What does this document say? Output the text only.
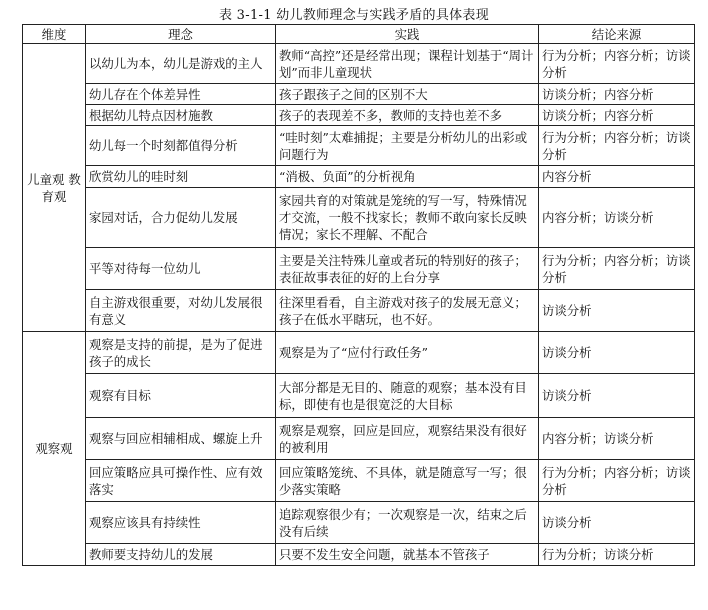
表 3-1-1 幼儿教师理念与实践矛盾的具体表现
维度	理念	实践	结论来源
儿童观 教育观	以幼儿为本，幼儿是游戏的主人	教师“高控”还是经常出现；课程计划基于“周计划”而非儿童现状	行为分析；内容分析；访谈分析
	幼儿存在个体差异性	孩子跟孩子之间的区别不大	访谈分析；内容分析
	根据幼儿特点因材施教	孩子的表现差不多，教师的支持也差不多	访谈分析；内容分析
	幼儿每一个时刻都值得分析	“哇时刻”太难捕捉；主要是分析幼儿的出彩或问题行为	行为分析；内容分析；访谈分析
	欣赏幼儿的哇时刻	“消极、负面”的分析视角	内容分析
	家园对话，合力促幼儿发展	家园共育的对策就是笼统的写一写，特殊情况才交流，一般不找家长；教师不敢向家长反映情况；家长不理解、不配合	内容分析；访谈分析
	平等对待每一位幼儿	主要是关注特殊儿童或者玩的特别好的孩子；表征故事表征的好的上台分享	行为分析；内容分析；访谈分析
	自主游戏很重要，对幼儿发展很有意义	往深里看看，自主游戏对孩子的发展无意义；孩子在低水平瞎玩，也不好。	访谈分析
观察观	观察是支持的前提，是为了促进孩子的成长	观察是为了“应付行政任务”	访谈分析
	观察有目标	大部分都是无目的、随意的观察；基本没有目标，即使有也是很宽泛的大目标	访谈分析
	观察与回应相辅相成、螺旋上升	观察是观察，回应是回应，观察结果没有很好的被利用	内容分析；访谈分析
	回应策略应具可操作性、应有效落实	回应策略笼统、不具体，就是随意写一写；很少落实策略	行为分析；内容分析；访谈分析
	观察应该具有持续性	追踪观察很少有；一次观察是一次，结束之后没有后续	访谈分析
	教师要支持幼儿的发展	只要不发生安全问题，就基本不管孩子	行为分析；访谈分析
